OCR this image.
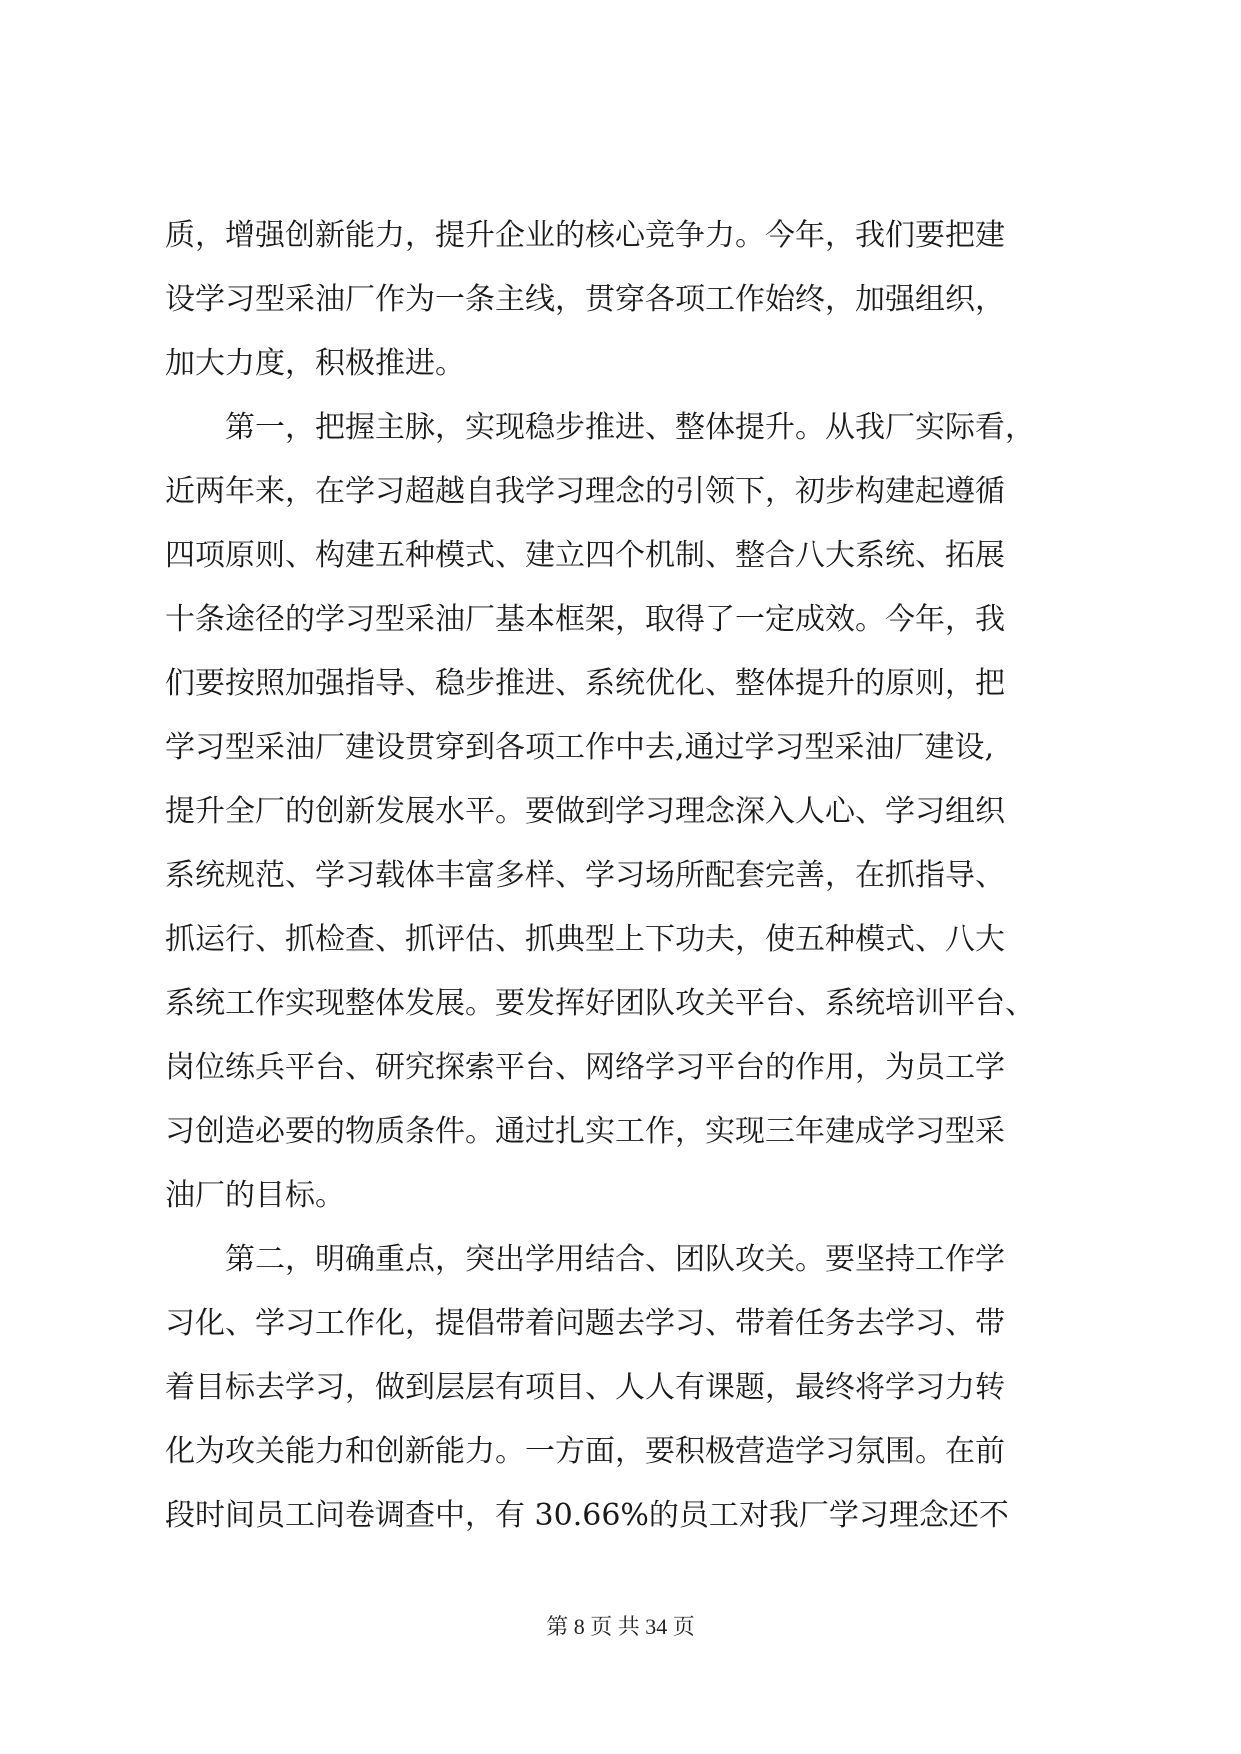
质，增强创新能力，提升企业的核心竞争力。今年，我们要把建
设学习型采油厂作为一条主线，贯穿各项工作始终，加强组织，
加大力度，积极推进。
　　第一，把握主脉，实现稳步推进、整体提升。从我厂实际看，
近两年来，在学习超越自我学习理念的引领下，初步构建起遵循
四项原则、构建五种模式、建立四个机制、整合八大系统、拓展
十条途径的学习型采油厂基本框架，取得了一定成效。今年，我
们要按照加强指导、稳步推进、系统优化、整体提升的原则，把
学习型采油厂建设贯穿到各项工作中去,通过学习型采油厂建设,
提升全厂的创新发展水平。要做到学习理念深入人心、学习组织
系统规范、学习载体丰富多样、学习场所配套完善，在抓指导、
抓运行、抓检查、抓评估、抓典型上下功夫，使五种模式、八大
系统工作实现整体发展。要发挥好团队攻关平台、系统培训平台、
岗位练兵平台、研究探索平台、网络学习平台的作用，为员工学
习创造必要的物质条件。通过扎实工作，实现三年建成学习型采
油厂的目标。
　　第二，明确重点，突出学用结合、团队攻关。要坚持工作学
习化、学习工作化，提倡带着问题去学习、带着任务去学习、带
着目标去学习，做到层层有项目、人人有课题，最终将学习力转
化为攻关能力和创新能力。一方面，要积极营造学习氛围。在前
段时间员工问卷调查中，有 30.66%的员工对我厂学习理念还不
第 8 页 共 34 页
